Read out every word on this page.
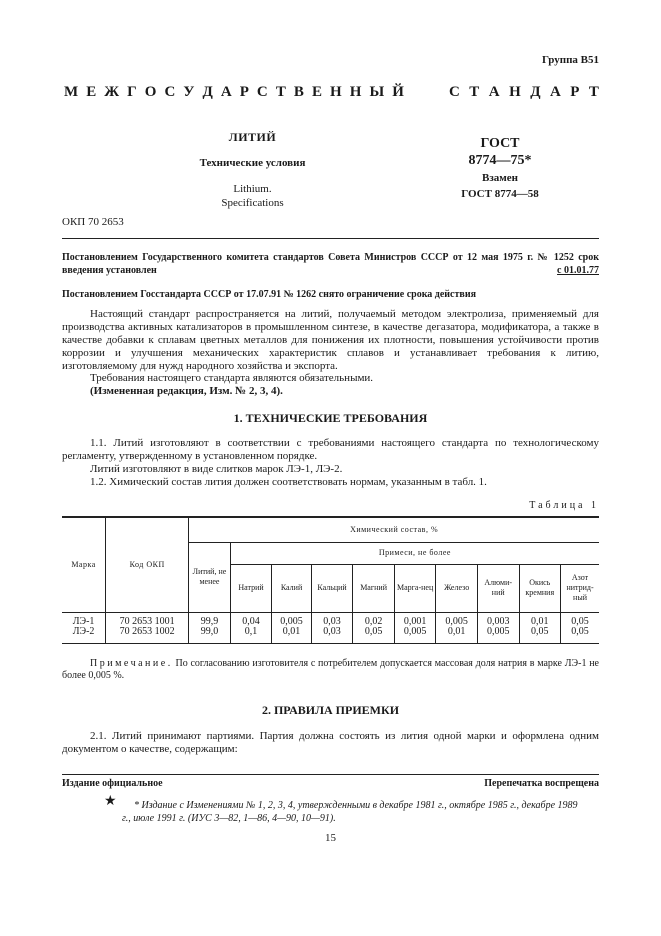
Группа В51
М Е Ж Г О С У Д А Р С Т В Е Н Н Ы Й	С Т А Н Д А Р Т
ЛИТИЙ
Технические условия
Lithium.
Specifications
ГОСТ
8774—75*
Взамен
ГОСТ 8774—58
ОКП 70 2653
Постановлением Государственного комитета стандартов Совета Министров СССР от 12 мая 1975 г. № 1252 срок
введения установлен	с 01.01.77
Постановлением Госстандарта СССР от 17.07.91 № 1262 снято ограничение срока действия
Настоящий стандарт распространяется на литий, получаемый методом электролиза, применяемый для производства активных катализаторов в промышленном синтезе, в качестве дегазатора, модификатора, а также в качестве добавки к сплавам цветных металлов для понижения их плотности, повышения устойчивости против коррозии и улучшения механических характеристик сплавов и устанавливает требования к литию, изготовляемому для нужд народного хозяйства и экспорта.
Требования настоящего стандарта являются обязательными.
(Измененная редакция, Изм. № 2, 3, 4).
1. ТЕХНИЧЕСКИЕ ТРЕБОВАНИЯ
1.1. Литий изготовляют в соответствии с требованиями настоящего стандарта по технологическому регламенту, утвержденному в установленном порядке.
Литий изготовляют в виде слитков марок ЛЭ-1, ЛЭ-2.
1.2. Химический состав лития должен соответствовать нормам, указанным в табл. 1.
Таблица 1
Марка	Код ОКП	Химический состав, %									
		Литий, не менее	Примеси, не более								
			Натрий	Калий	Кальций	Магний	Марга-нец	Железо	Алюми-ний	Окись кремния	Азот нитрид-ный
ЛЭ-1	70 2653 1001	99,9	0,04	0,005	0,03	0,02	0,001	0,005	0,003	0,01	0,05
ЛЭ-2	70 2653 1002	99,0	0,1	0,01	0,03	0,05	0,005	0,01	0,005	0,05	0,05
Примечание. По согласованию изготовителя с потребителем допускается массовая доля натрия в марке ЛЭ-1 не более 0,005 %.
2. ПРАВИЛА ПРИЕМКИ
2.1. Литий принимают партиями. Партия должна состоять из лития одной марки и оформлена одним документом о качестве, содержащим:
Издание официальное	Перепечатка воспрещена
★	* Издание с Изменениями № 1, 2, 3, 4, утвержденными в декабре 1981 г., октябре 1985 г., декабре 1989 г., июле 1991 г. (ИУС 3—82, 1—86, 4—90, 10—91).
15
